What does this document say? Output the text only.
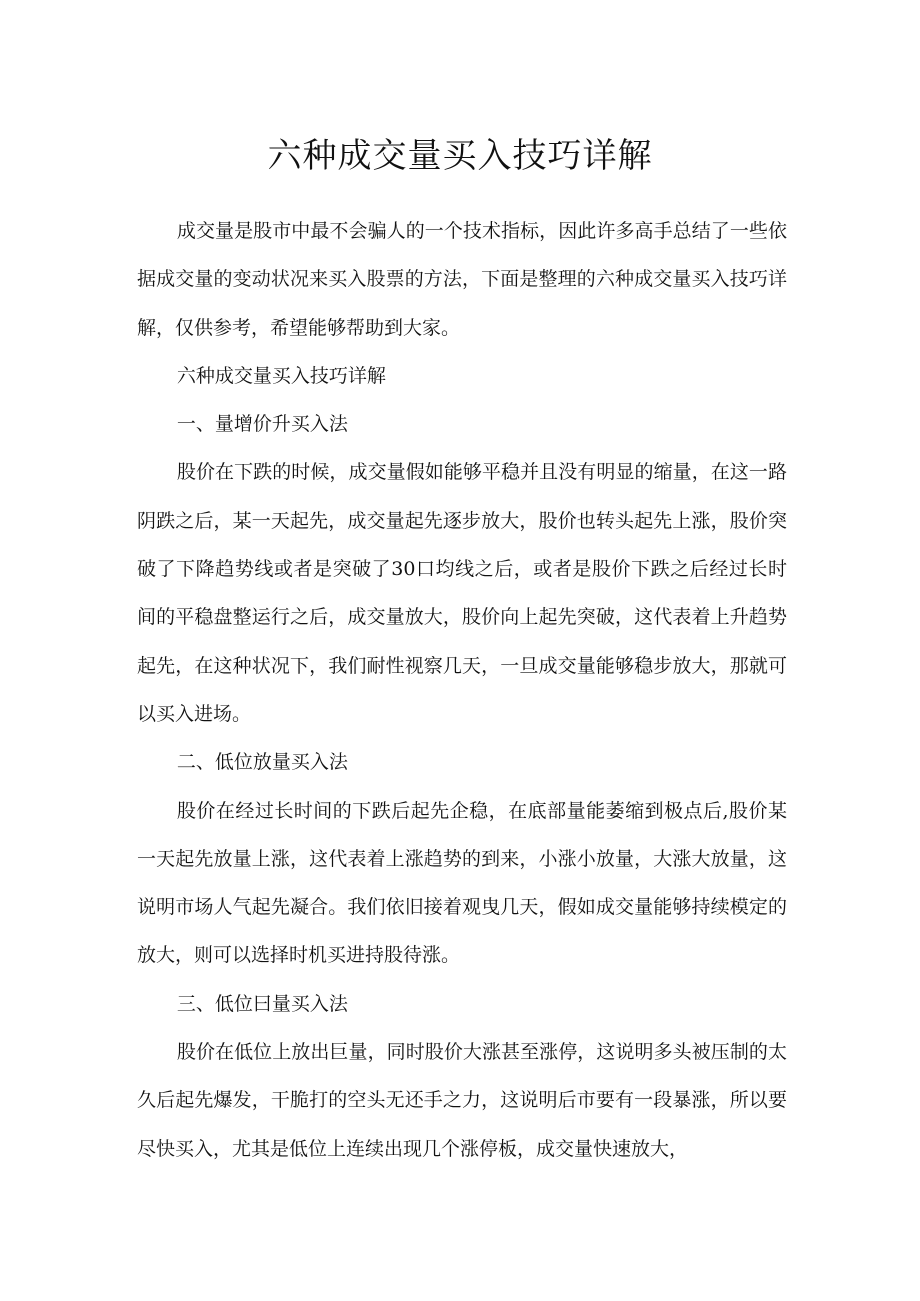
六种成交量买入技巧详解

成交量是股市中最不会骗人的一个技术指标，因此许多高手总结了一些依据成交量的变动状况来买入股票的方法，下面是整理的六种成交量买入技巧详解，仅供参考，希望能够帮助到大家。

六种成交量买入技巧详解

一、量增价升买入法

股价在下跌的时候，成交量假如能够平稳并且没有明显的缩量，在这一路阴跌之后，某一天起先，成交量起先逐步放大，股价也转头起先上涨，股价突破了下降趋势线或者是突破了30口均线之后，或者是股价下跌之后经过长时间的平稳盘整运行之后，成交量放大，股价向上起先突破，这代表着上升趋势起先，在这种状况下，我们耐性视察几天，一旦成交量能够稳步放大，那就可以买入进场。

二、低位放量买入法

股价在经过长时间的下跌后起先企稳，在底部量能萎缩到极点后,股价某一天起先放量上涨，这代表着上涨趋势的到来，小涨小放量，大涨大放量，这说明市场人气起先凝合。我们依旧接着观曳几天，假如成交量能够持续模定的放大，则可以选择时机买进持股待涨。

三、低位曰量买入法

股价在低位上放出巨量，同时股价大涨甚至涨停，这说明多头被压制的太久后起先爆发，干脆打的空头无还手之力，这说明后市要有一段暴涨，所以要尽快买入，尤其是低位上连续出现几个涨停板，成交量快速放大，
